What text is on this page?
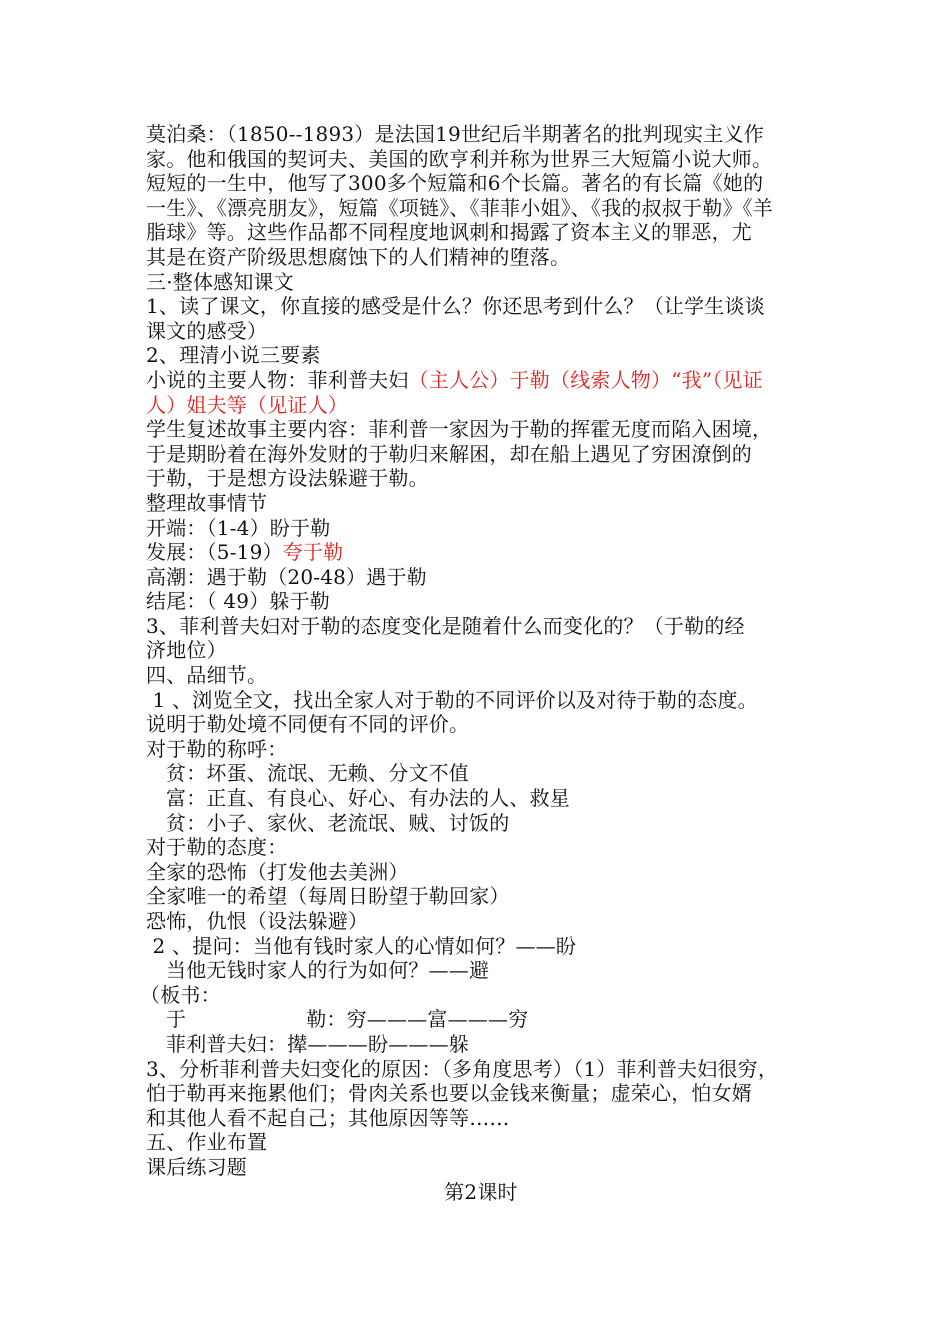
莫泊桑：（1850--1893）是法国19世纪后半期著名的批判现实主义作
家。他和俄国的契诃夫、美国的欧亨利并称为世界三大短篇小说大师。
短短的一生中，他写了300多个短篇和6个长篇。著名的有长篇《她的
一生》、《漂亮朋友》，短篇《项链》、《菲菲小姐》、《我的叔叔于勒》《羊
脂球》等。这些作品都不同程度地讽刺和揭露了资本主义的罪恶，尤
其是在资产阶级思想腐蚀下的人们精神的堕落。
三·整体感知课文
1、读了课文，你直接的感受是什么？你还思考到什么？（让学生谈谈
课文的感受）
2、理清小说三要素
小说的主要人物：菲利普夫妇（主人公）于勒（线索人物）“我”（见证
人）姐夫等（见证人）
学生复述故事主要内容：菲利普一家因为于勒的挥霍无度而陷入困境，
于是期盼着在海外发财的于勒归来解困，却在船上遇见了穷困潦倒的
于勒，于是想方设法躲避于勒。
整理故事情节
开端：（1-4）盼于勒
发展：（5-19）夸于勒
高潮：遇于勒（20-48）遇于勒
结尾：（ 49）躲于勒
3、菲利普夫妇对于勒的态度变化是随着什么而变化的？（于勒的经
济地位）
四、品细节。
1 、浏览全文，找出全家人对于勒的不同评价以及对待于勒的态度。
说明于勒处境不同便有不同的评价。
对于勒的称呼：
贫：坏蛋、流氓、无赖、分文不值
富：正直、有良心、好心、有办法的人、救星
贫：小子、家伙、老流氓、贼、讨饭的
对于勒的态度：
全家的恐怖（打发他去美洲）
全家唯一的希望（每周日盼望于勒回家）
恐怖，仇恨（设法躲避）
2 、提问：当他有钱时家人的心情如何？——盼
当他无钱时家人的行为如何？——避
（板书：
于	勒：穷———富———穷
菲利普夫妇：撵———盼———躲
3、分析菲利普夫妇变化的原因：（多角度思考）（1）菲利普夫妇很穷，
怕于勒再来拖累他们；骨肉关系也要以金钱来衡量；虚荣心，怕女婿
和其他人看不起自己；其他原因等等……
五、作业布置
课后练习题
第2课时
